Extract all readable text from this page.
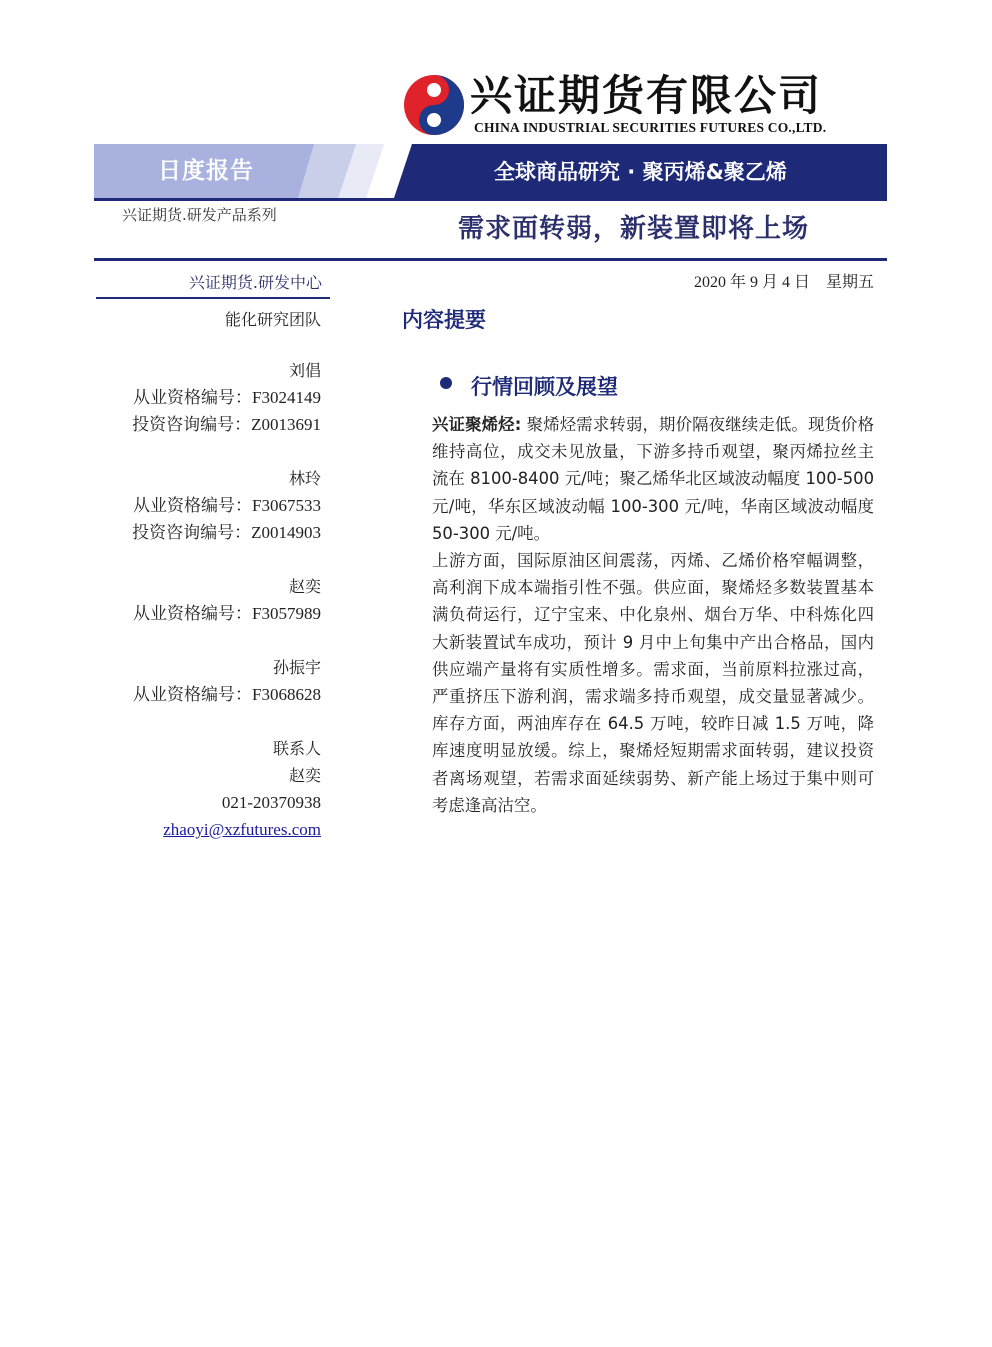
兴证期货有限公司
CHINA INDUSTRIAL SECURITIES FUTURES CO.,LTD.
日度报告	全球商品研究 · 聚丙烯&聚乙烯
兴证期货.研发产品系列	需求面转弱，新装置即将上场
2020 年 9 月 4 日　星期五
兴证期货.研发中心
能化研究团队
刘倡
从业资格编号：F3024149
投资咨询编号：Z0013691
林玲
从业资格编号：F3067533
投资咨询编号：Z0014903
赵奕
从业资格编号：F3057989
孙振宇
从业资格编号：F3068628
联系人
赵奕
021-20370938
zhaoyi@xzfutures.com
内容提要
行情回顾及展望

兴证聚烯烃: 聚烯烃需求转弱，期价隔夜继续走低。现货价格维持高位，成交未见放量，下游多持币观望，聚丙烯拉丝主流在 8100-8400 元/吨；聚乙烯华北区域波动幅度 100-500 元/吨，华东区域波动幅 100-300 元/吨，华南区域波动幅度 50-300 元/吨。

上游方面，国际原油区间震荡，丙烯、乙烯价格窄幅调整，高利润下成本端指引性不强。供应面，聚烯烃多数装置基本满负荷运行，辽宁宝来、中化泉州、烟台万华、中科炼化四大新装置试车成功，预计 9 月中上旬集中产出合格品，国内供应端产量将有实质性增多。需求面，当前原料拉涨过高，严重挤压下游利润，需求端多持币观望，成交量显著减少。库存方面，两油库存在 64.5 万吨，较昨日减 1.5 万吨，降库速度明显放缓。综上，聚烯烃短期需求面转弱，建议投资者离场观望，若需求面延续弱势、新产能上场过于集中则可考虑逢高沽空。
